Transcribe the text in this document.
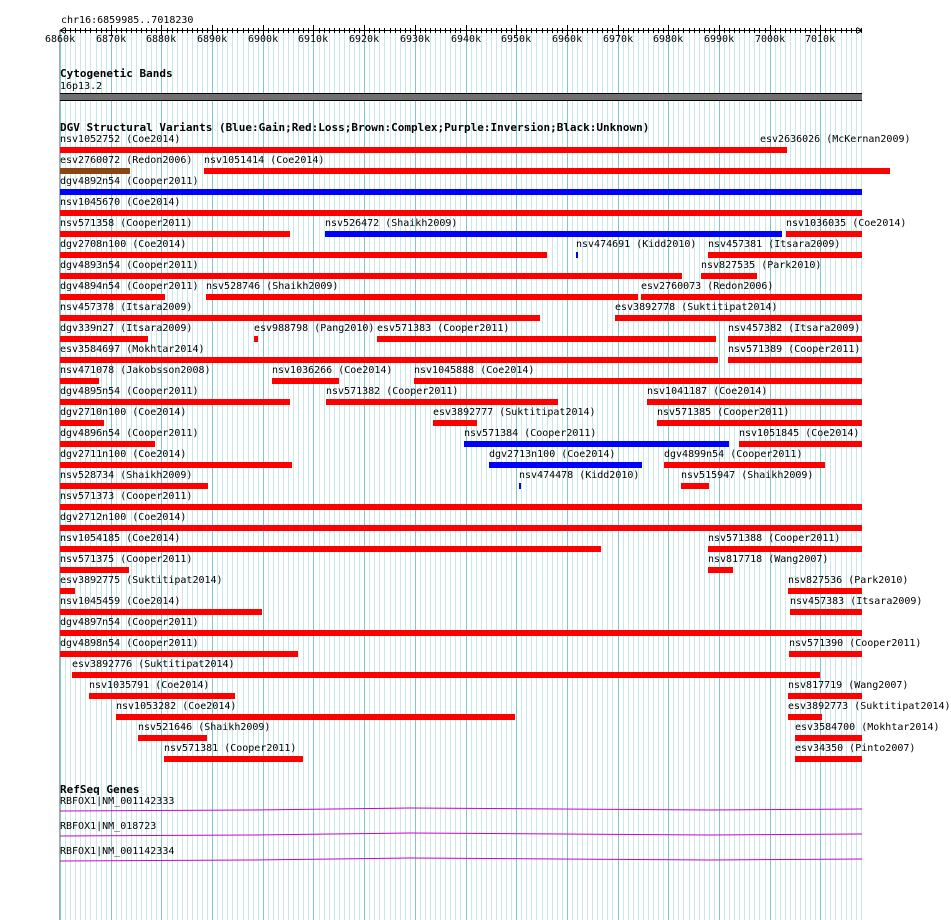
chr16:6859985..7018230
Cytogenetic Bands
16p13.2
DGV Structural Variants (Blue:Gain;Red:Loss;Brown:Complex;Purple:Inversion;Black:Unknown)
nsv1052752 (Coe2014)	esv2636026 (McKernan2009)
esv2760072 (Redon2006) nsv1051414 (Coe2014)
dgv4892n54 (Cooper2011)
nsv1045670 (Coe2014)
nsv571358 (Cooper2011)	nsv526472 (Shaikh2009)	nsv1036035 (Coe2014)
dgv2708n100 (Coe2014)	nsv474691 (Kidd2010) nsv457381 (Itsara2009)
dgv4893n54 (Cooper2011)	nsv827535 (Park2010)
dgv4894n54 (Cooper2011) nsv528746 (Shaikh2009)	esv2760073 (Redon2006)
nsv457378 (Itsara2009)	esv3892778 (Suktitipat2014)
dgv339n27 (Itsara2009)	esv988798 (Pang2010) esv571383 (Cooper2011)	nsv457382 (Itsara2009)
esv3584697 (Mokhtar2014)	nsv571389 (Cooper2011)
nsv471078 (Jakobsson2008)	nsv1036266 (Coe2014) nsv1045888 (Coe2014)
dgv4895n54 (Cooper2011)	nsv571382 (Cooper2011)	nsv1041187 (Coe2014)
dgv2710n100 (Coe2014)	esv3892777 (Suktitipat2014)	nsv571385 (Cooper2011)
dgv4896n54 (Cooper2011)	nsv571384 (Cooper2011)	nsv1051845 (Coe2014)
dgv2711n100 (Coe2014)	dgv2713n100 (Coe2014)	dgv4899n54 (Cooper2011)
nsv528734 (Shaikh2009)	nsv474478 (Kidd2010)	nsv515947 (Shaikh2009)
nsv571373 (Cooper2011)
dgv2712n100 (Coe2014)
nsv1054185 (Coe2014)	nsv571388 (Cooper2011)
nsv571375 (Cooper2011)	nsv817718 (Wang2007)
esv3892775 (Suktitipat2014)	nsv827536 (Park2010)
nsv1045459 (Coe2014)	nsv457383 (Itsara2009)
dgv4897n54 (Cooper2011)
dgv4898n54 (Cooper2011)	nsv571390 (Cooper2011)
esv3892776 (Suktitipat2014)
nsv1035791 (Coe2014)	nsv817719 (Wang2007)
nsv1053282 (Coe2014)	esv3892773 (Suktitipat2014)
nsv521646 (Shaikh2009)	esv3584700 (Mokhtar2014)
nsv571381 (Cooper2011)	esv34350 (Pinto2007)
RefSeq Genes
RBFOX1|NM_001142333
RBFOX1|NM_018723
RBFOX1|NM_001142334
6860k 6870k 6880k 6890k 6900k 6910k 6920k 6930k 6940k 6950k 6960k 6970k 6980k 6990k 7000k 7010k
